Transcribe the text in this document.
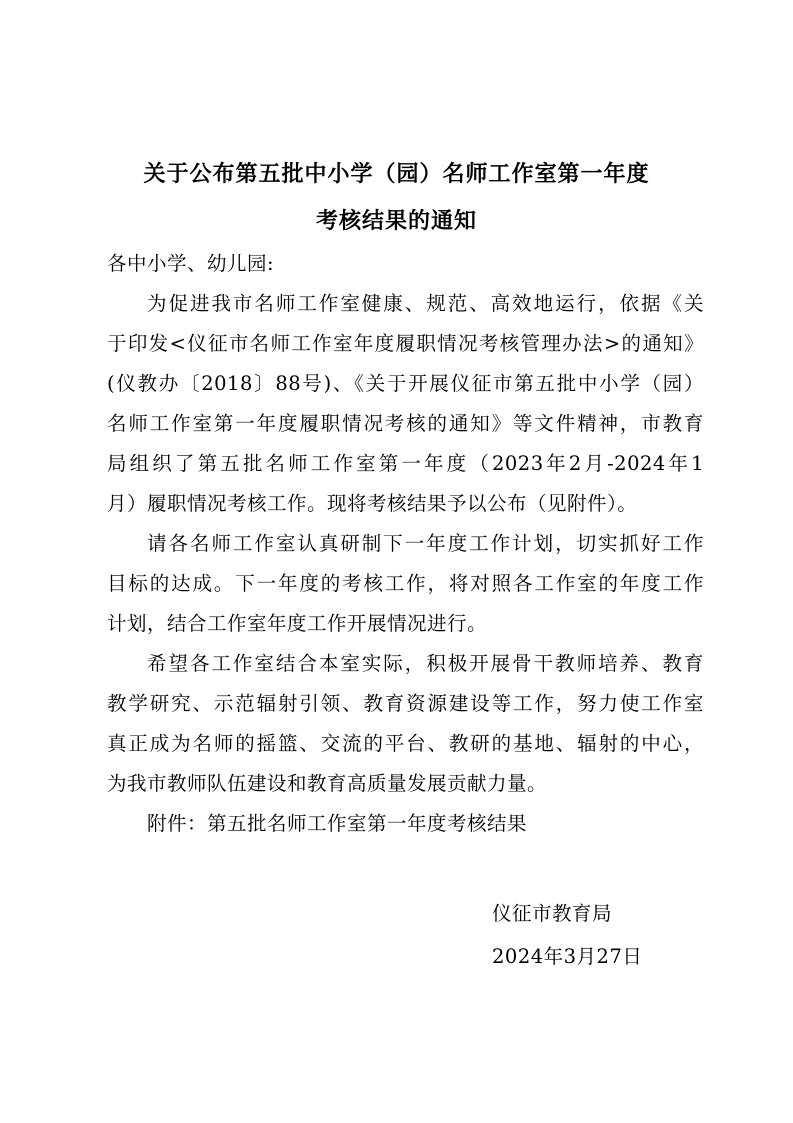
关于公布第五批中小学（园）名师工作室第一年度
考核结果的通知
各中小学、幼儿园:
为促进我市名师工作室健康、规范、高效地运行，依据《关
于印发<仪征市名师工作室年度履职情况考核管理办法>的通知》
(仪教办〔2018〕88号)、《关于开展仪征市第五批中小学（园）
名师工作室第一年度履职情况考核的通知》等文件精神，市教育
局组织了第五批名师工作室第一年度（2023年2月-2024年1
月）履职情况考核工作。现将考核结果予以公布（见附件）。
请各名师工作室认真研制下一年度工作计划，切实抓好工作
目标的达成。下一年度的考核工作，将对照各工作室的年度工作
计划，结合工作室年度工作开展情况进行。
希望各工作室结合本室实际，积极开展骨干教师培养、教育
教学研究、示范辐射引领、教育资源建设等工作，努力使工作室
真正成为名师的摇篮、交流的平台、教研的基地、辐射的中心，
为我市教师队伍建设和教育高质量发展贡献力量。
附件：第五批名师工作室第一年度考核结果
仪征市教育局
2024年3月27日
